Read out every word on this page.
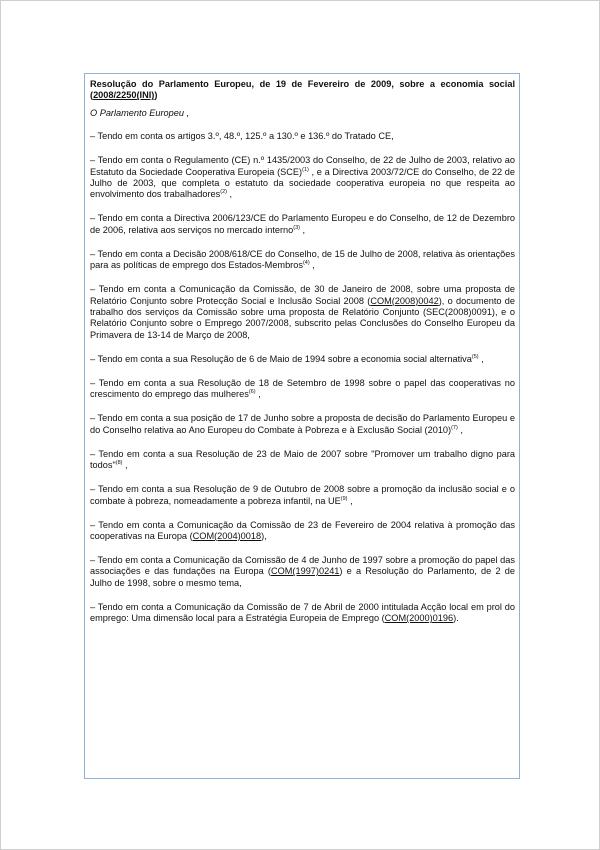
Resolução do Parlamento Europeu, de 19 de Fevereiro de 2009, sobre a economia social (2008/2250(INI))

O Parlamento Europeu ,

– Tendo em conta os artigos 3.º, 48.º, 125.º a 130.º e 136.º do Tratado CE,

– Tendo em conta o Regulamento (CE) n.º 1435/2003 do Conselho, de 22 de Julho de 2003, relativo ao Estatuto da Sociedade Cooperativa Europeia (SCE)$^{(1)}$ , e a Directiva 2003/72/CE do Conselho, de 22 de Julho de 2003, que completa o estatuto da sociedade cooperativa europeia no que respeita ao envolvimento dos trabalhadores$^{(2)}$ ,

– Tendo em conta a Directiva 2006/123/CE do Parlamento Europeu e do Conselho, de 12 de Dezembro de 2006, relativa aos serviços no mercado interno$^{(3)}$ ,

– Tendo em conta a Decisão 2008/618/CE do Conselho, de 15 de Julho de 2008, relativa às orientações para as políticas de emprego dos Estados-Membros$^{(4)}$ ,

– Tendo em conta a Comunicação da Comissão, de 30 de Janeiro de 2008, sobre uma proposta de Relatório Conjunto sobre Protecção Social e Inclusão Social 2008 (COM(2008)0042), o documento de trabalho dos serviços da Comissão sobre uma proposta de Relatório Conjunto (SEC(2008)0091), e o Relatório Conjunto sobre o Emprego 2007/2008, subscrito pelas Conclusões do Conselho Europeu da Primavera de 13-14 de Março de 2008,

– Tendo em conta a sua Resolução de 6 de Maio de 1994 sobre a economia social alternativa$^{(5)}$ ,

– Tendo em conta a sua Resolução de 18 de Setembro de 1998 sobre o papel das cooperativas no crescimento do emprego das mulheres$^{(6)}$ ,

– Tendo em conta a sua posição de 17 de Junho sobre a proposta de decisão do Parlamento Europeu e do Conselho relativa ao Ano Europeu do Combate à Pobreza e à Exclusão Social $(2010)^{(7)}$ ,

– Tendo em conta a sua Resolução de 23 de Maio de 2007 sobre "Promover um trabalho digno para todos"$^{(8)}$ ,

– Tendo em conta a sua Resolução de 9 de Outubro de 2008 sobre a promoção da inclusão social e o combate à pobreza, nomeadamente a pobreza infantil, na UE$^{(9)}$ ,

– Tendo em conta a Comunicação da Comissão de 23 de Fevereiro de 2004 relativa à promoção das cooperativas na Europa (COM(2004)0018),

– Tendo em conta a Comunicação da Comissão de 4 de Junho de 1997 sobre a promoção do papel das associações e das fundações na Europa (COM(1997)0241) e a Resolução do Parlamento, de 2 de Julho de 1998, sobre o mesmo tema,

– Tendo em conta a Comunicação da Comissão de 7 de Abril de 2000 intitulada Acção local em prol do emprego: Uma dimensão local para a Estratégia Europeia de Emprego (COM(2000)0196).
